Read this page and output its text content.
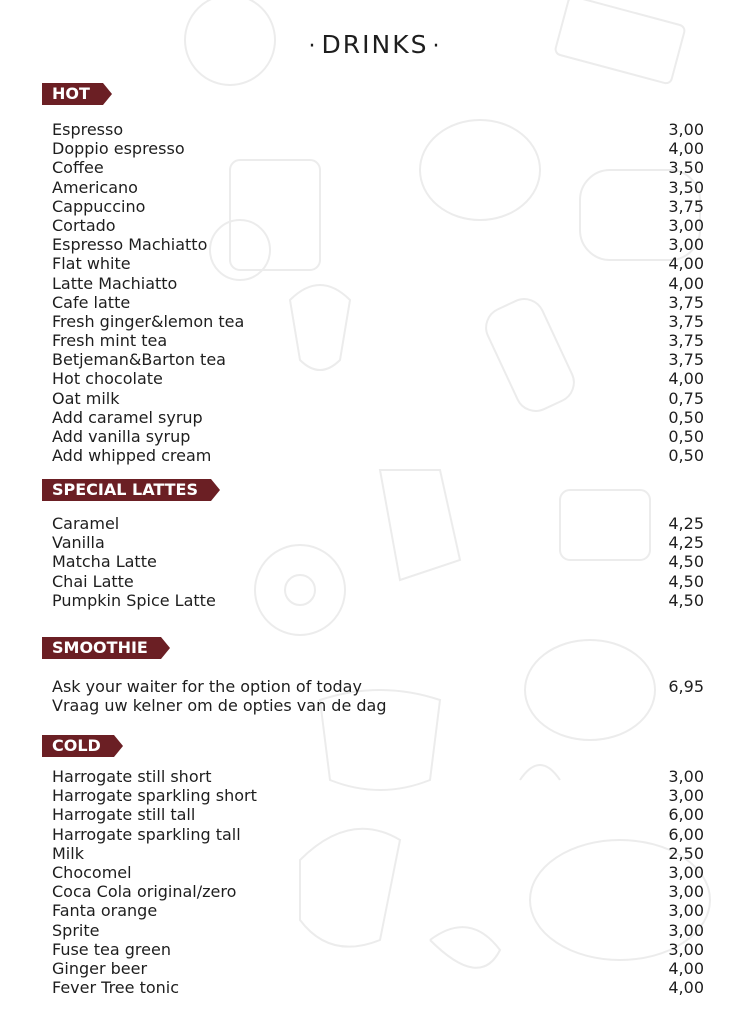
· DRINKS ·
HOT
Espresso	3,00
Doppio espresso	4,00
Coffee	3,50
Americano	3,50
Cappuccino	3,75
Cortado	3,00
Espresso Machiatto	3,00
Flat white	4,00
Latte Machiatto	4,00
Cafe latte	3,75
Fresh ginger&lemon tea	3,75
Fresh mint tea	3,75
Betjeman&Barton tea	3,75
Hot chocolate	4,00
Oat milk	0,75
Add caramel syrup	0,50
Add vanilla syrup	0,50
Add whipped cream	0,50
SPECIAL LATTES
Caramel	4,25
Vanilla	4,25
Matcha Latte	4,50
Chai Latte	4,50
Pumpkin Spice Latte	4,50
SMOOTHIE
Ask your waiter for the option of today	6,95
Vraag uw kelner om de opties van de dag
COLD
Harrogate still short	3,00
Harrogate sparkling short	3,00
Harrogate still tall	6,00
Harrogate sparkling tall	6,00
Milk	2,50
Chocomel	3,00
Coca Cola original/zero	3,00
Fanta orange	3,00
Sprite	3,00
Fuse tea green	3,00
Ginger beer	4,00
Fever Tree tonic	4,00
